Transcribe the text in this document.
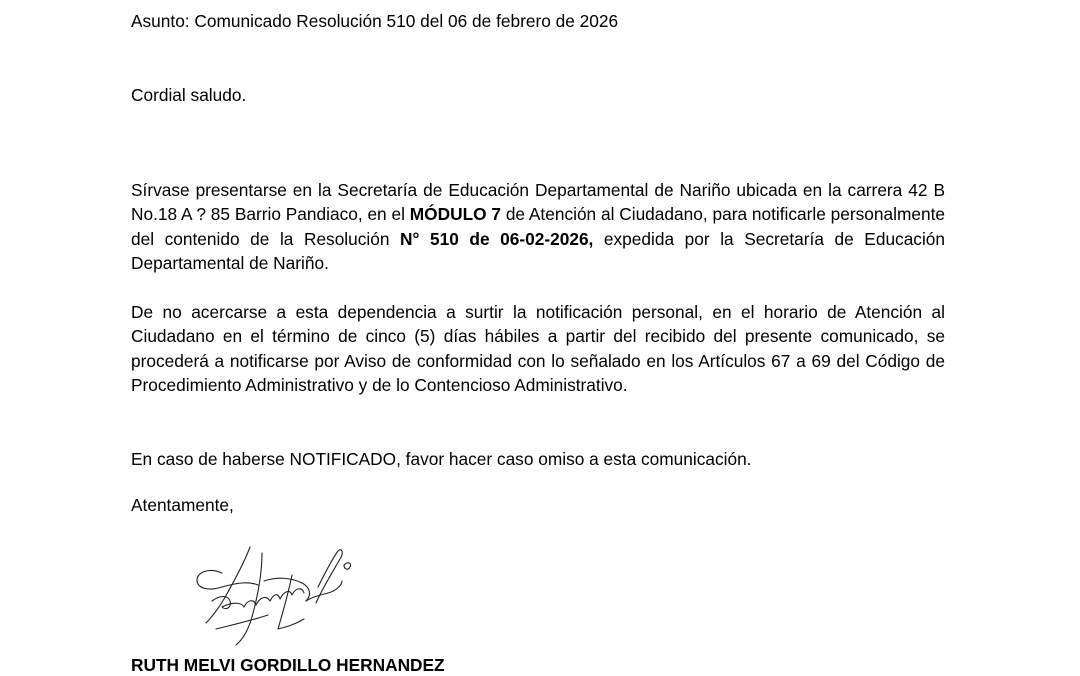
Asunto: Comunicado Resolución 510 del 06 de febrero de 2026
Cordial saludo.
Sírvase presentarse en la Secretaría de Educación Departamental de Nariño ubicada en la carrera 42 B No.18 A ? 85 Barrio Pandiaco, en el MÓDULO 7 de Atención al Ciudadano, para notificarle personalmente del contenido de la Resolución N° 510 de 06-02-2026, expedida por la Secretaría de Educación Departamental de Nariño.
De no acercarse a esta dependencia a surtir la notificación personal, en el horario de Atención al Ciudadano en el término de cinco (5) días hábiles a partir del recibido del presente comunicado, se procederá a notificarse por Aviso de conformidad con lo señalado en los Artículos 67 a 69 del Código de Procedimiento Administrativo y de lo Contencioso Administrativo.
En caso de haberse NOTIFICADO, favor hacer caso omiso a esta comunicación.
Atentamente,
RUTH MELVI GORDILLO HERNANDEZ
